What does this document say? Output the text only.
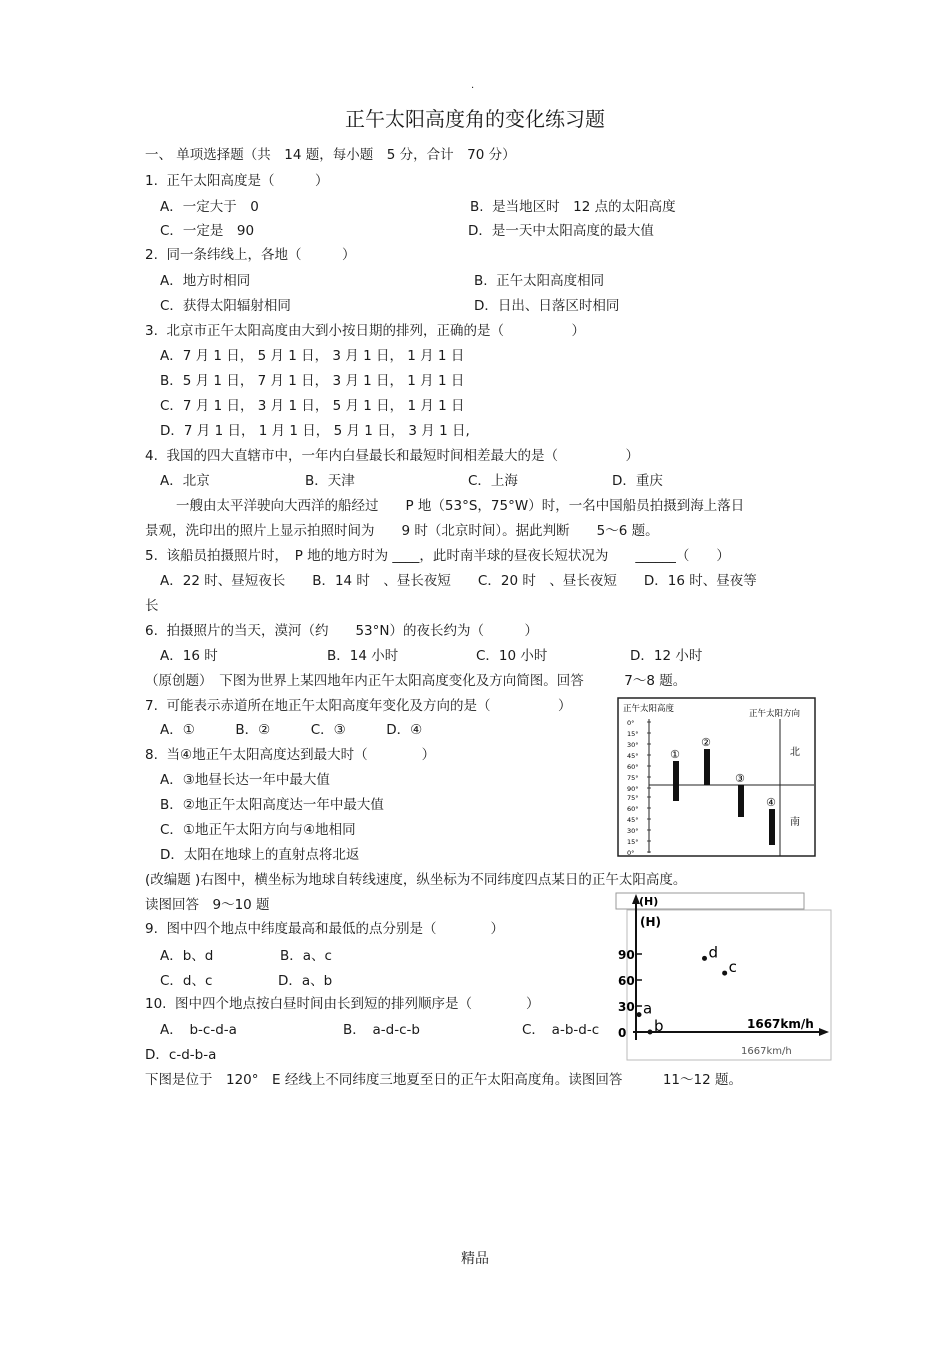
.
正午太阳高度角的变化练习题
一、 单项选择题（共　14 题，每小题　5 分，合计　70 分）
1.  正午太阳高度是（　　　）
A．一定大于　0	B.  是当地区时　12 点的太阳高度
C．一定是　90	D．是一天中太阳高度的最大值
2.  同一条纬线上，各地（　　　）
A．地方时相同	B.  正午太阳高度相同
C．获得太阳辐射相同	D．日出、日落区时相同
3.  北京市正午太阳高度由大到小按日期的排列，正确的是（　　　　　）
A．7 月 1 日， 5 月 1 日， 3 月 1 日， 1 月 1 日
B．5 月 1 日， 7 月 1 日， 3 月 1 日， 1 月 1 日
C．7 月 1 日， 3 月 1 日， 5 月 1 日， 1 月 1 日
D．7 月 1 日， 1 月 1 日， 5 月 1 日， 3 月 1 日,
4.  我国的四大直辖市中，一年内白昼最长和最短时间相差最大的是（　　　　　）
A．北京	B．天津	C．上海	D．重庆
一艘由太平洋驶向大西洋的船经过　　P 地（53°S，75°W）时，一名中国船员拍摄到海上落日
景观，洗印出的照片上显示拍照时间为　　9 时（北京时间）。据此判断　　5～6 题。
5.  该船员拍摄照片时，　P 地的地方时为 ____，此时南半球的昼夜长短状况为　　______（　　）
A．22 时、昼短夜长　　B．14 时　、昼长夜短　　C．20 时　、昼长夜短　　D．16 时、昼夜等
长
6.  拍摄照片的当天，漠河（约　　53°N）的夜长约为（　　　）
A．16 时	B．14 小时	C．10 小时	D．12 小时
（原创题）　下图为世界上某四地年内正午太阳高度变化及方向简图。回答　　　7～8 题。
7.  可能表示赤道所在地正午太阳高度年变化及方向的是（　　　　　）
A．①　　　B．②　　　C．③　　　D．④
8.  当④地正午太阳高度达到最大时（　　　　）
A．③地昼长达一年中最大值
B．②地正午太阳高度达一年中最大值
C．①地正午太阳方向与④地相同
D．太阳在地球上的直射点将北返
(改编题 )右图中，横坐标为地球自转线速度，纵坐标为不同纬度四点某日的正午太阳高度。
读图回答　9～10 题
9.  图中四个地点中纬度最高和最低的点分别是（　　　　）
A．b、d	B．a、c
C．d、c	D．a、b
10.  图中四个地点按白昼时间由长到短的排列顺序是（　　　　）
A．　b-c-d-a	B．　a-d-c-b	C．　a-b-d-c
D．c-d-b-a
下图是位于　120°　E 经线上不同纬度三地夏至日的正午太阳高度角。读图回答　　　11～12 题。
正午太阳高度	正午太阳方向
北
南
0°
15°
30°
45°
60°
75°
90°
75°
60°
45°
30°
15°
0°
①
②
③
④
(H)
(H)
1667km/h
1667km/h
90
60
30
0
a
b
c
d
精品
